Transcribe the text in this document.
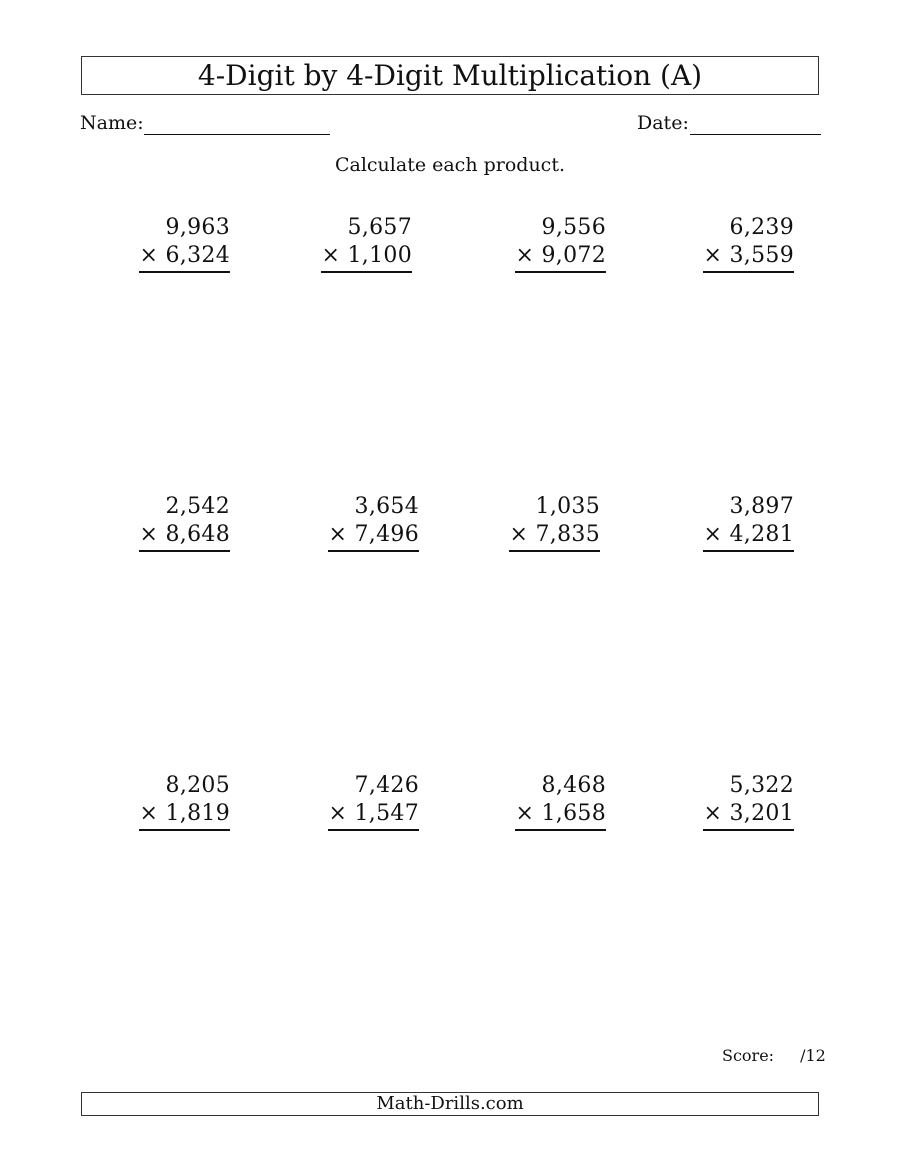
4-Digit by 4-Digit Multiplication (A)
Name:	Date:
Calculate each product.
9,963
× 6,324
5,657
× 1,100
9,556
× 9,072
6,239
× 3,559
2,542
× 8,648
3,654
× 7,496
1,035
× 7,835
3,897
× 4,281
8,205
× 1,819
7,426
× 1,547
8,468
× 1,658
5,322
× 3,201
Score: /12
Math-Drills.com
